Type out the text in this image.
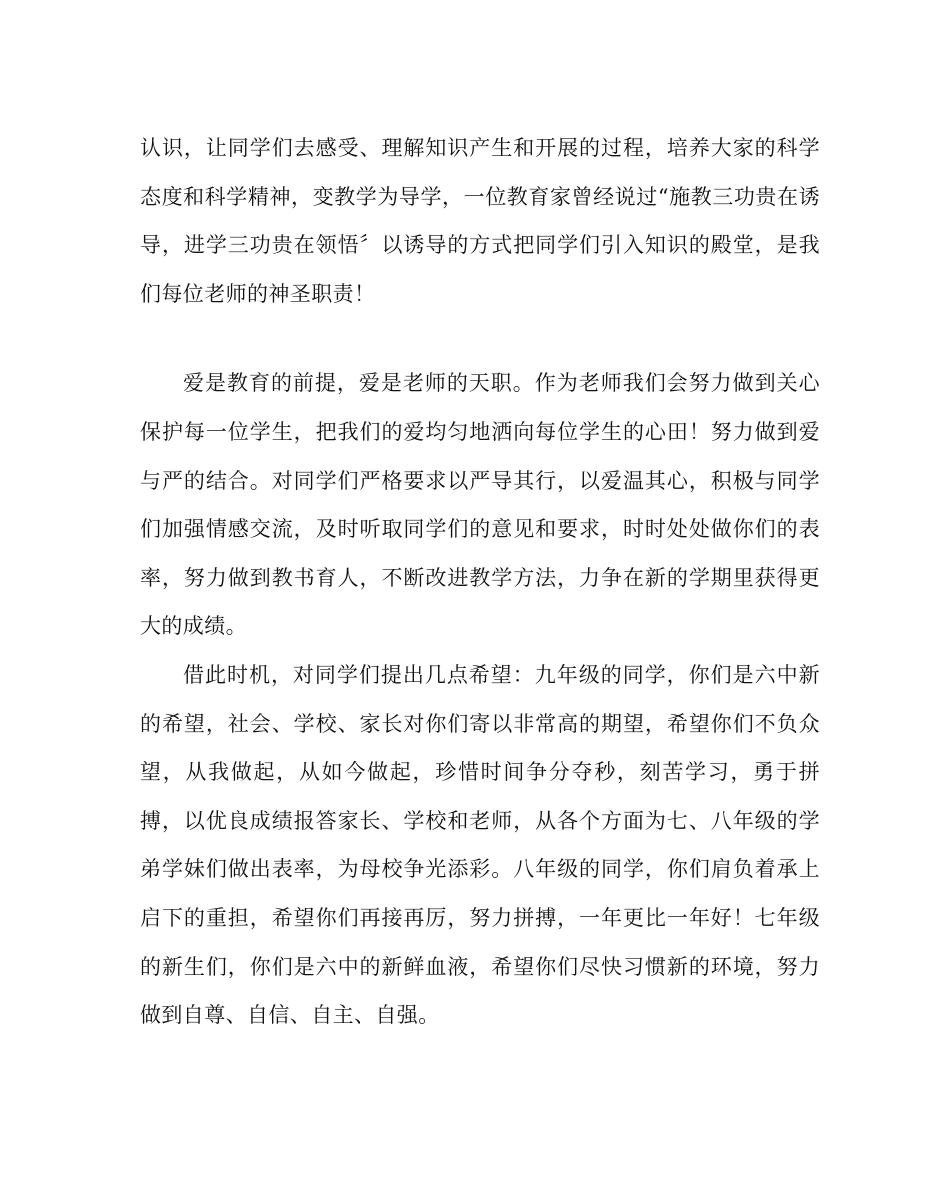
认识，让同学们去感受、理解知识产生和开展的过程，培养大家的科学态度和科学精神，变教学为导学，一位教育家曾经说过“施教三功贵在诱导，进学三功贵在领悟〞以诱导的方式把同学们引入知识的殿堂，是我们每位老师的神圣职责！

爱是教育的前提，爱是老师的天职。作为老师我们会努力做到关心保护每一位学生，把我们的爱均匀地洒向每位学生的心田！努力做到爱与严的结合。对同学们严格要求以严导其行，以爱温其心，积极与同学们加强情感交流，及时听取同学们的意见和要求，时时处处做你们的表率，努力做到教书育人，不断改进教学方法，力争在新的学期里获得更大的成绩。

借此时机，对同学们提出几点希望：九年级的同学，你们是六中新的希望，社会、学校、家长对你们寄以非常高的期望，希望你们不负众望，从我做起，从如今做起，珍惜时间争分夺秒，刻苦学习，勇于拼搏，以优良成绩报答家长、学校和老师，从各个方面为七、八年级的学弟学妹们做出表率，为母校争光添彩。八年级的同学，你们肩负着承上启下的重担，希望你们再接再厉，努力拼搏，一年更比一年好！七年级的新生们，你们是六中的新鲜血液，希望你们尽快习惯新的环境，努力做到自尊、自信、自主、自强。
